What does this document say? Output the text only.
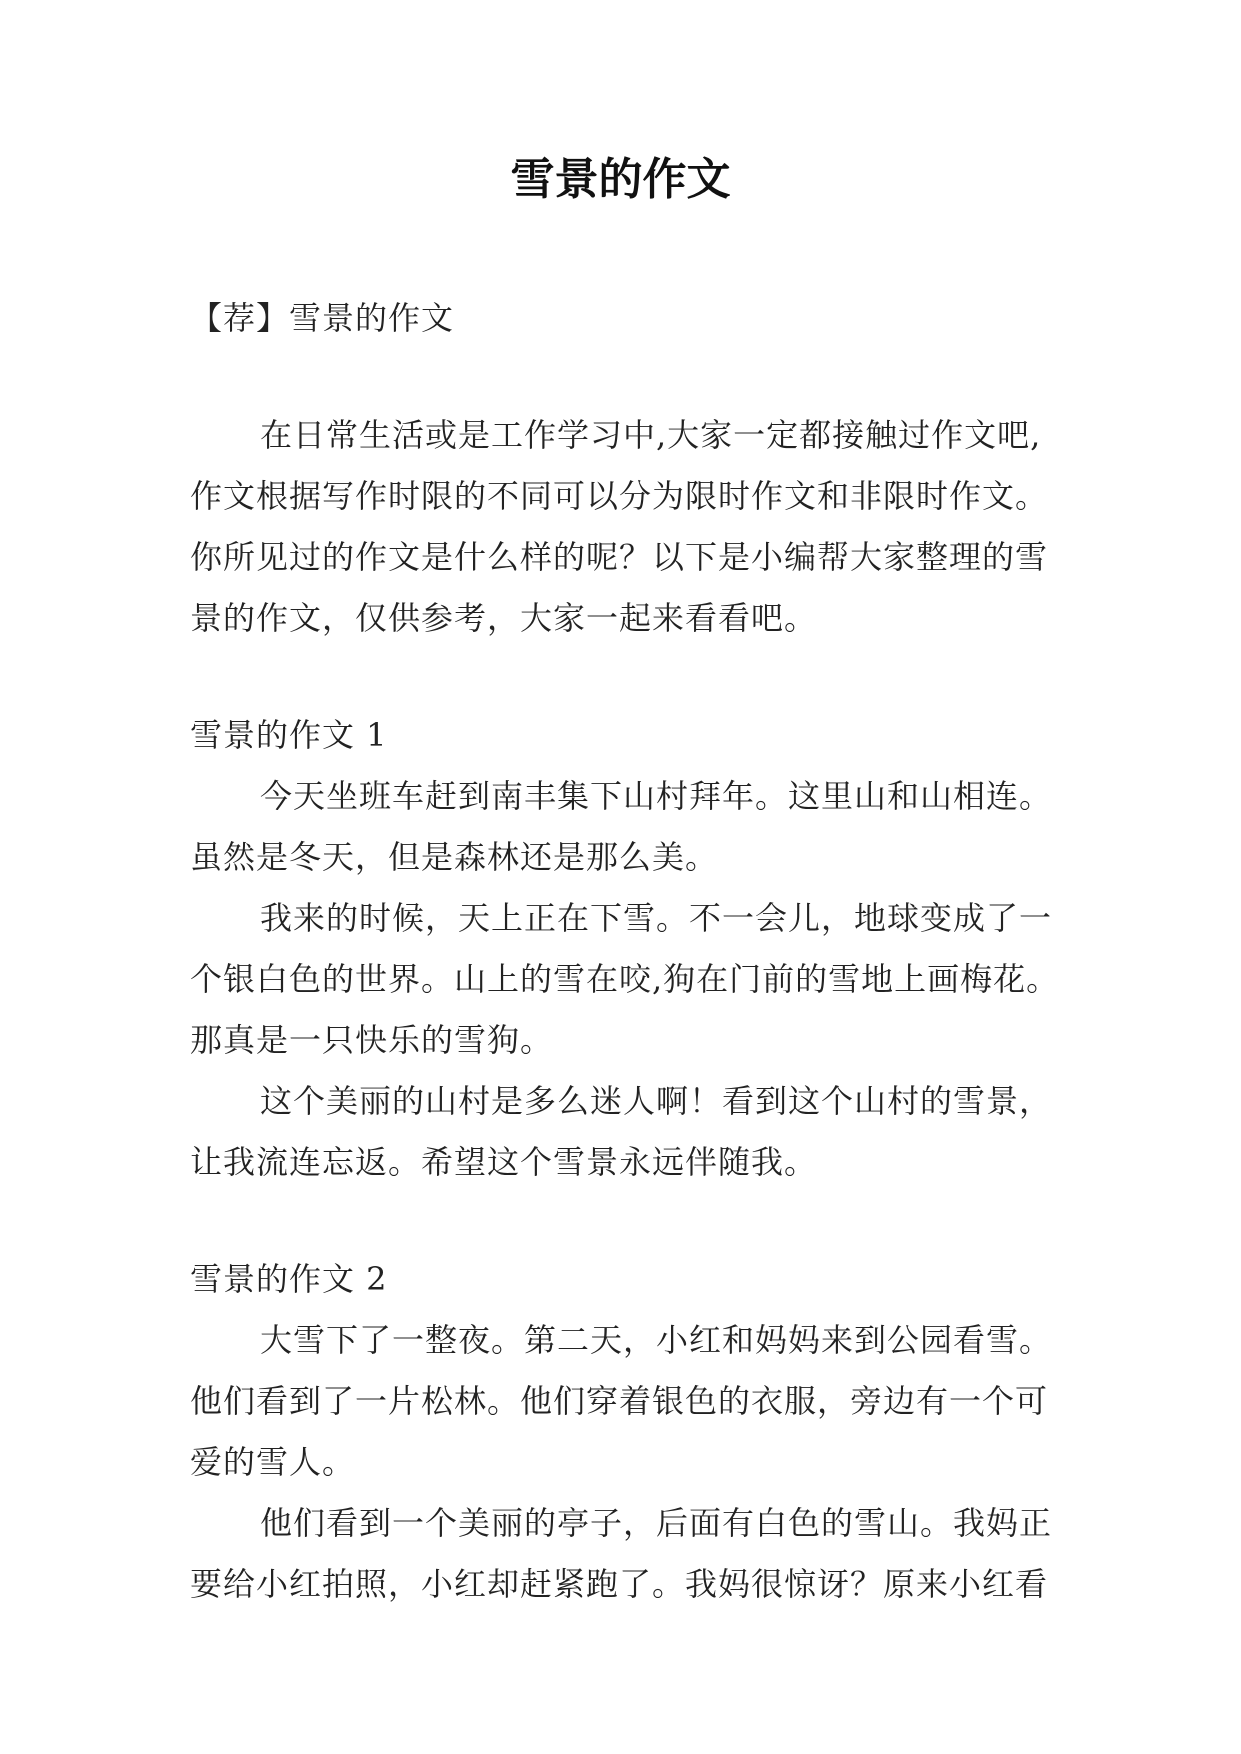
雪景的作文

【荐】雪景的作文

在日常生活或是工作学习中,大家一定都接触过作文吧,作文根据写作时限的不同可以分为限时作文和非限时作文。你所见过的作文是什么样的呢？以下是小编帮大家整理的雪景的作文，仅供参考，大家一起来看看吧。

雪景的作文 1

今天坐班车赶到南丰集下山村拜年。这里山和山相连。虽然是冬天，但是森林还是那么美。

我来的时候，天上正在下雪。不一会儿，地球变成了一个银白色的世界。山上的雪在咬,狗在门前的雪地上画梅花。那真是一只快乐的雪狗。

这个美丽的山村是多么迷人啊！看到这个山村的雪景，让我流连忘返。希望这个雪景永远伴随我。

雪景的作文 2

大雪下了一整夜。第二天，小红和妈妈来到公园看雪。他们看到了一片松林。他们穿着银色的衣服，旁边有一个可爱的雪人。

他们看到一个美丽的亭子，后面有白色的雪山。我妈正要给小红拍照，小红却赶紧跑了。我妈很惊讶？原来小红看
